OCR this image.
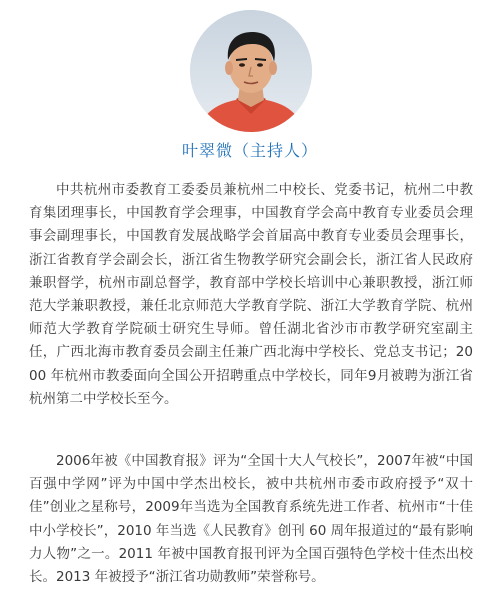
叶翠微（主持人）

中共杭州市委教育工委委员兼杭州二中校长、党委书记，杭州二中教育集团理事长，中国教育学会理事，中国教育学会高中教育专业委员会理事会副理事长，中国教育发展战略学会首届高中教育专业委员会理事长，浙江省教育学会副会长，浙江省生物教学研究会副会长，浙江省人民政府兼职督学，杭州市副总督学，教育部中学校长培训中心兼职教授，浙江师范大学兼职教授，兼任北京师范大学教育学院、浙江大学教育学院、杭州师范大学教育学院硕士研究生导师。曾任湖北省沙市市教学研究室副主任，广西北海市教育委员会副主任兼广西北海中学校长、党总支书记；2000 年杭州市教委面向全国公开招聘重点中学校长，同年9月被聘为浙江省杭州第二中学校长至今。

2006年被《中国教育报》评为“全国十大人气校长”，2007年被“中国百强中学网”评为中国中学杰出校长，被中共杭州市委市政府授予“双十佳”创业之星称号，2009年当选为全国教育系统先进工作者、杭州市“十佳中小学校长”，2010 年当选《人民教育》创刊 60 周年报道过的“最有影响力人物”之一。2011 年被中国教育报刊评为全国百强特色学校十佳杰出校长。2013 年被授予“浙江省功勋教师”荣誉称号。
